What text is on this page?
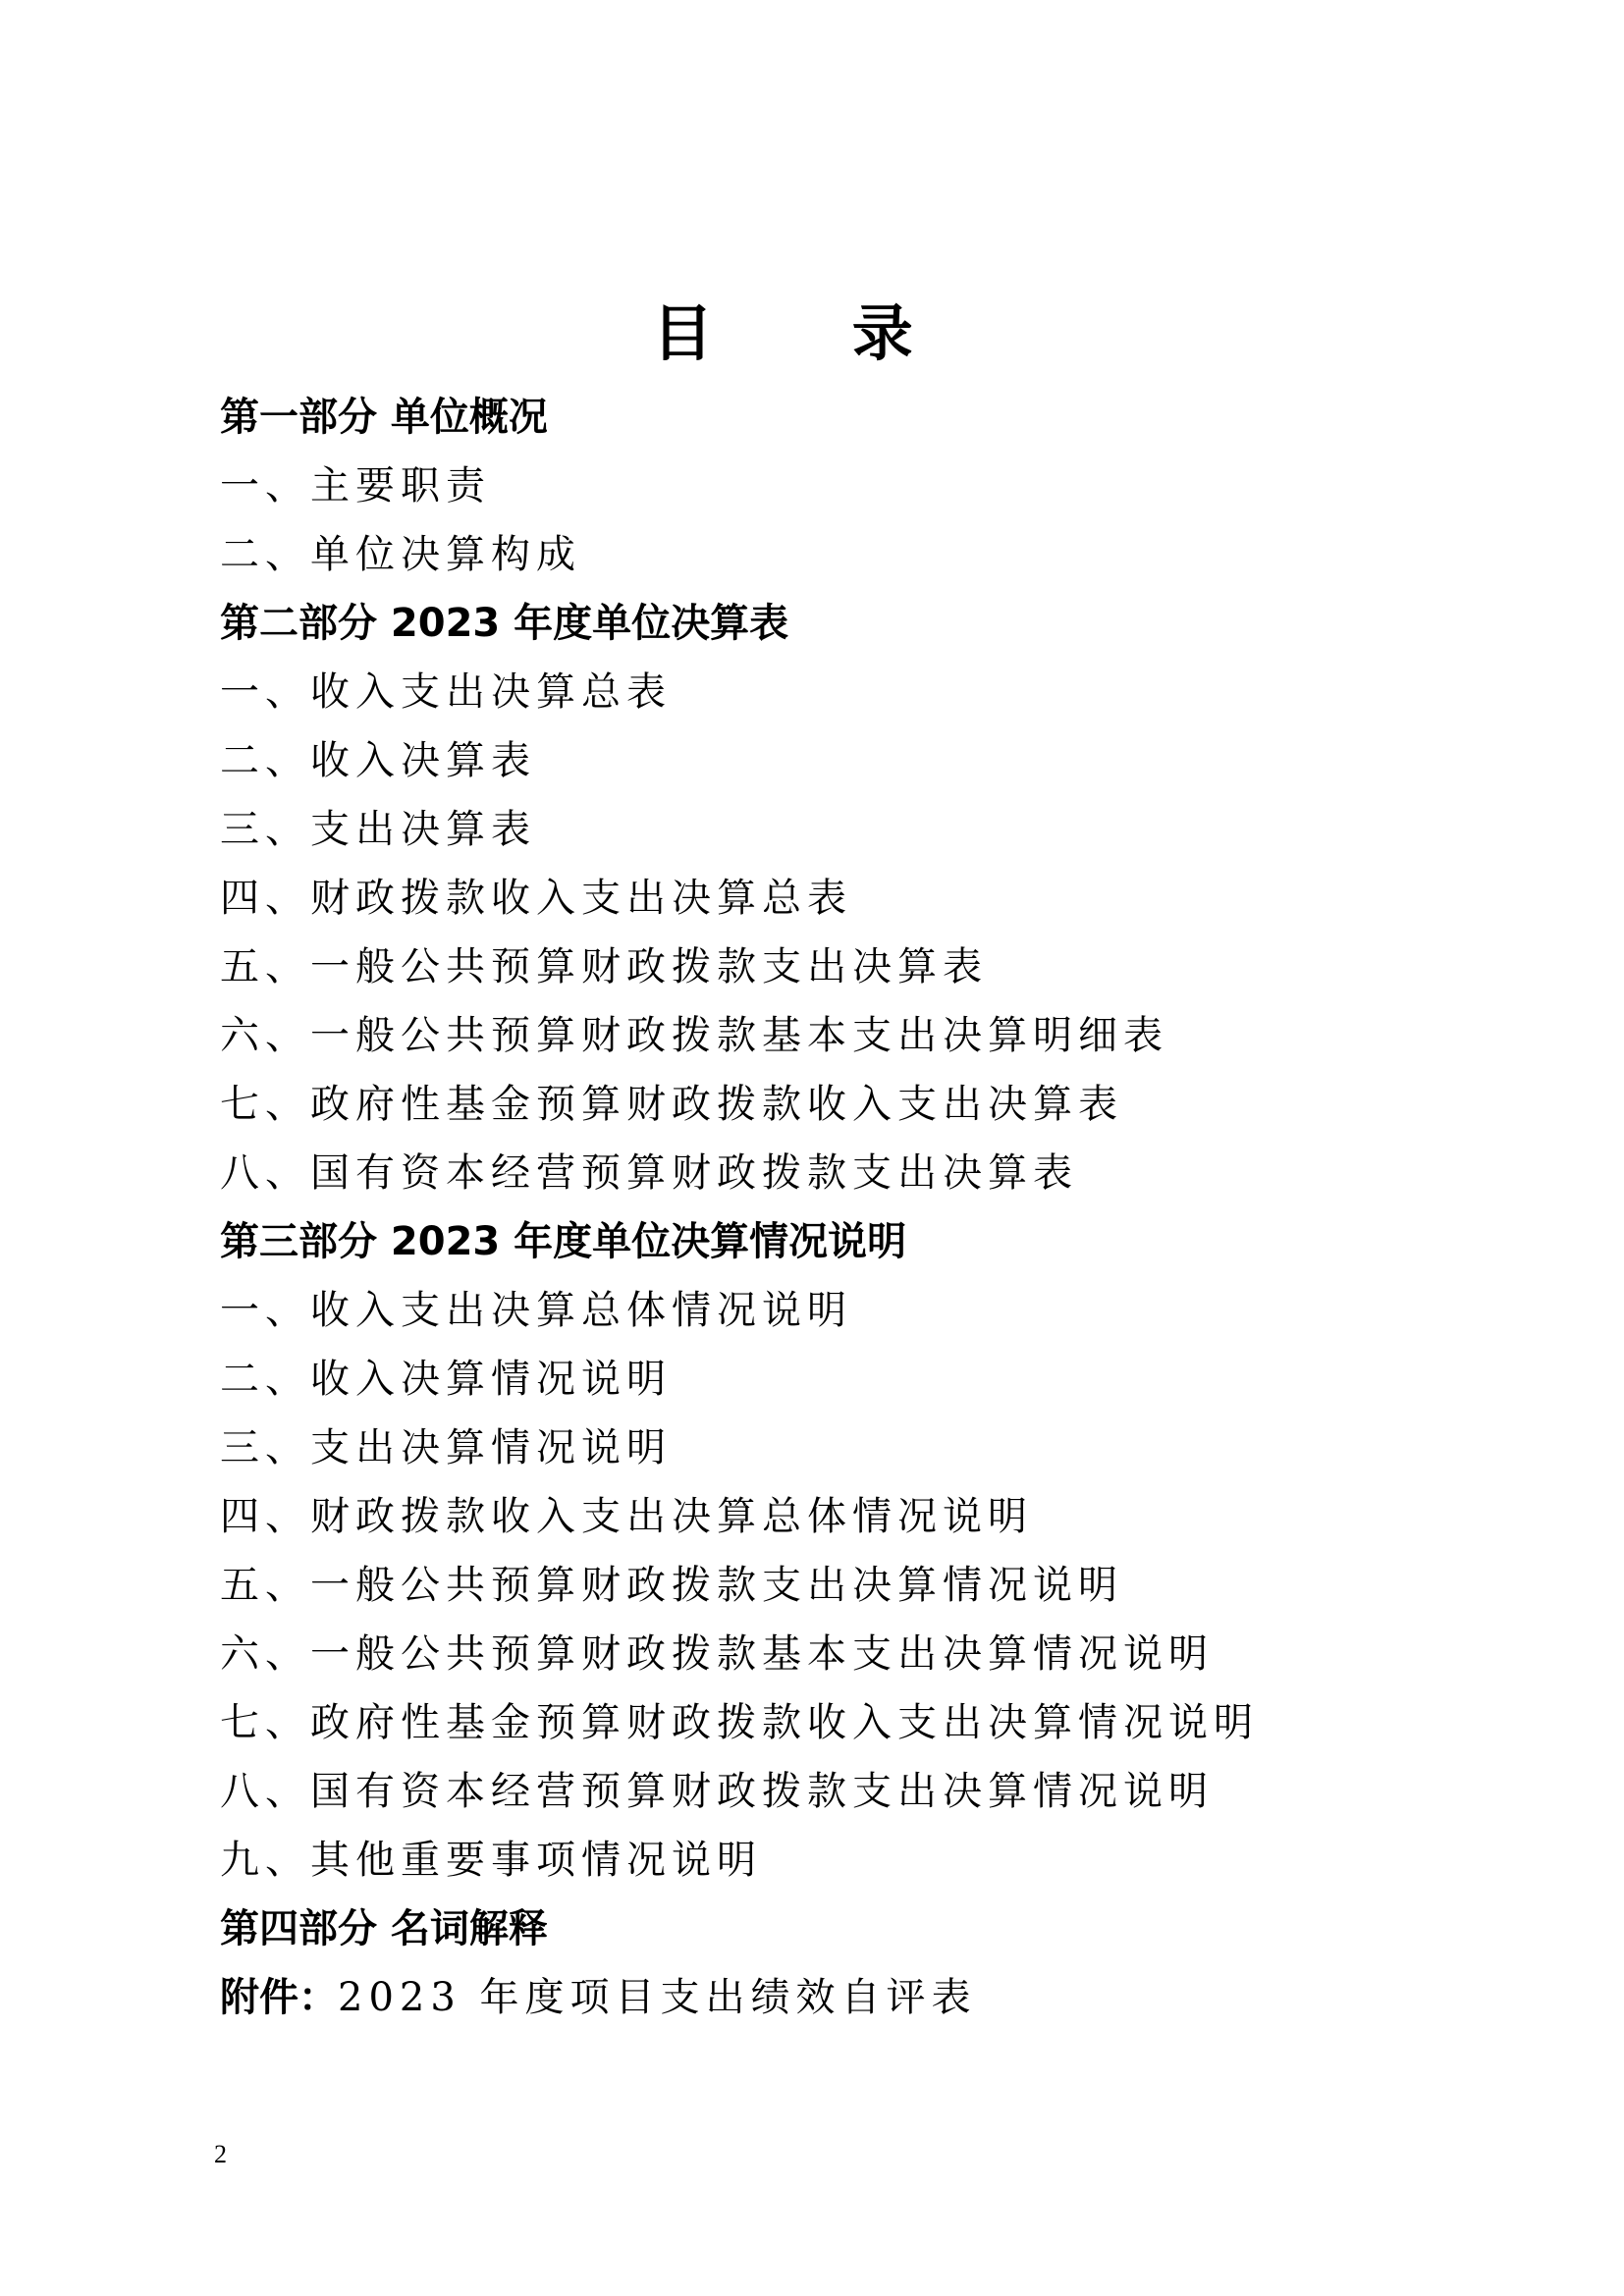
目 录
第一部分 单位概况
一、主要职责
二、单位决算构成
第二部分 2023 年度单位决算表
一、收入支出决算总表
二、收入决算表
三、支出决算表
四、财政拨款收入支出决算总表
五、一般公共预算财政拨款支出决算表
六、一般公共预算财政拨款基本支出决算明细表
七、政府性基金预算财政拨款收入支出决算表
八、国有资本经营预算财政拨款支出决算表
第三部分 2023 年度单位决算情况说明
一、收入支出决算总体情况说明
二、收入决算情况说明
三、支出决算情况说明
四、财政拨款收入支出决算总体情况说明
五、一般公共预算财政拨款支出决算情况说明
六、一般公共预算财政拨款基本支出决算情况说明
七、政府性基金预算财政拨款收入支出决算情况说明
八、国有资本经营预算财政拨款支出决算情况说明
九、其他重要事项情况说明
第四部分 名词解释
附件：2023 年度项目支出绩效自评表
2
